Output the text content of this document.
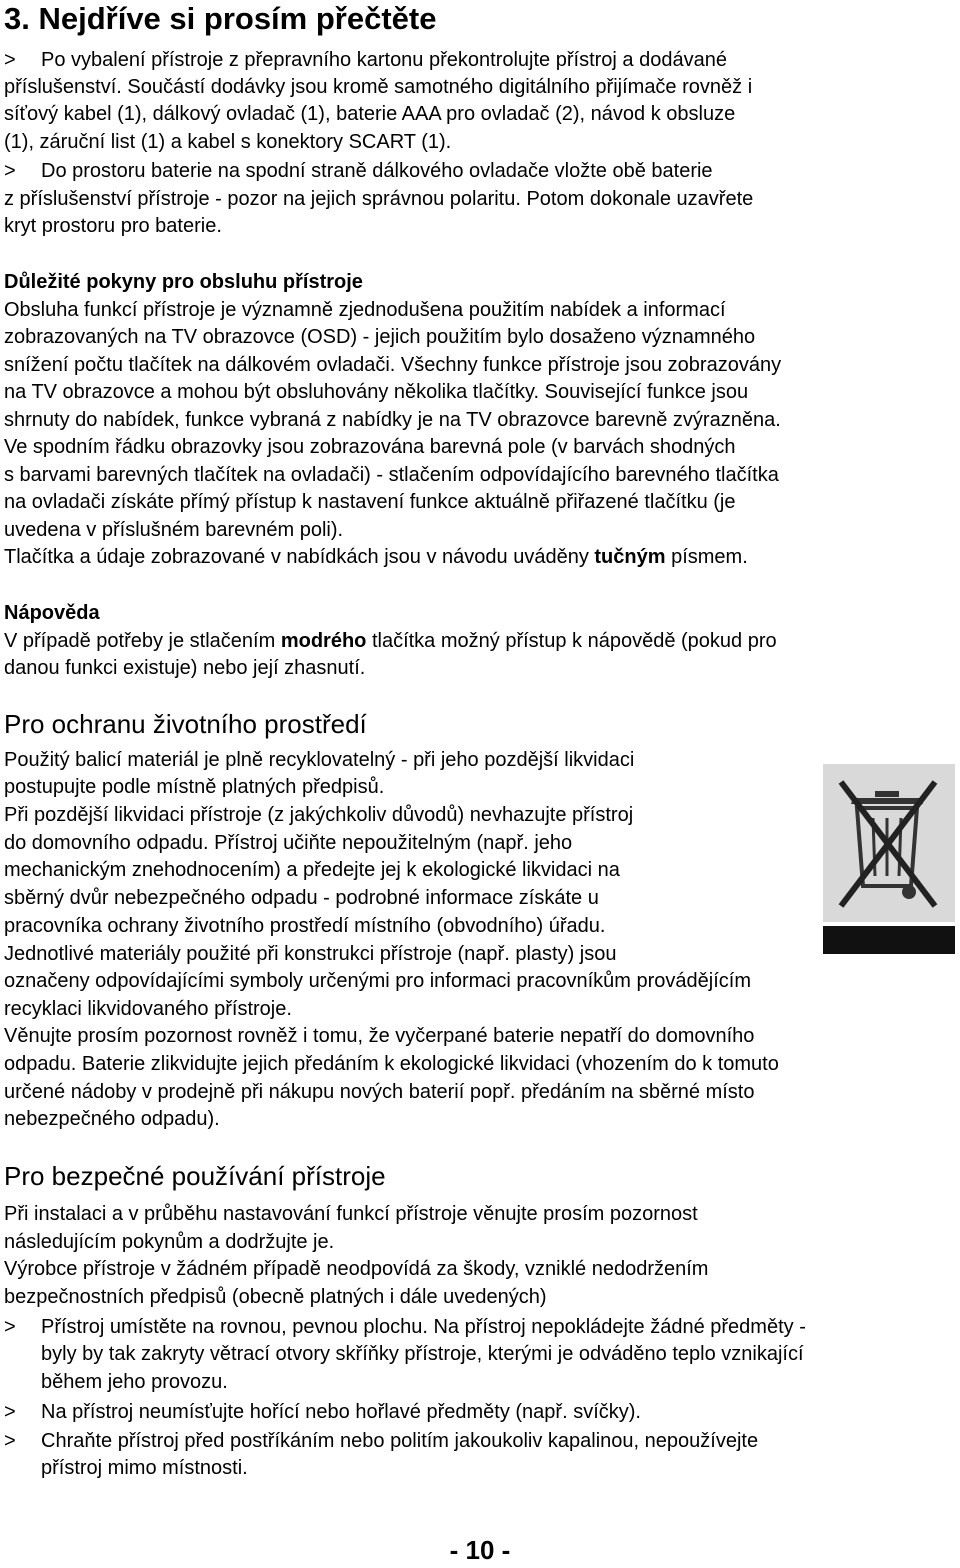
3. Nejdříve si prosím přečtěte
> Po vybalení přístroje z přepravního kartonu překontrolujte přístroj a dodávané
příslušenství. Součástí dodávky jsou kromě samotného digitálního přijímače rovněž i
síťový kabel (1), dálkový ovladač (1), baterie AAA pro ovladač (2), návod k obsluze
(1), záruční list (1) a kabel s konektory SCART (1).
> Do prostoru baterie na spodní straně dálkového ovladače vložte obě baterie
z příslušenství přístroje - pozor na jejich správnou polaritu. Potom dokonale uzavřete
kryt prostoru pro baterie.
Důležité pokyny pro obsluhu přístroje
Obsluha funkcí přístroje je významně zjednodušena použitím nabídek a informací
zobrazovaných na TV obrazovce (OSD) - jejich použitím bylo dosaženo významného
snížení počtu tlačítek na dálkovém ovladači. Všechny funkce přístroje jsou zobrazovány
na TV obrazovce a mohou být obsluhovány několika tlačítky. Související funkce jsou
shrnuty do nabídek, funkce vybraná z nabídky je na TV obrazovce barevně zvýrazněna.
Ve spodním řádku obrazovky jsou zobrazována barevná pole (v barvách shodných
s barvami barevných tlačítek na ovladači) - stlačením odpovídajícího barevného tlačítka
na ovladači získáte přímý přístup k nastavení funkce aktuálně přiřazené tlačítku (je
uvedena v příslušném barevném poli).
Tlačítka a údaje zobrazované v nabídkách jsou v návodu uváděny tučným písmem.
Nápověda
V případě potřeby je stlačením modrého tlačítka možný přístup k nápovědě (pokud pro
danou funkci existuje) nebo její zhasnutí.
Pro ochranu životního prostředí
Použitý balicí materiál je plně recyklovatelný - při jeho pozdější likvidaci
postupujte podle místně platných předpisů.
Při pozdější likvidaci přístroje (z jakýchkoliv důvodů) nevhazujte přístroj
do domovního odpadu. Přístroj učiňte nepoužitelným (např. jeho
mechanickým znehodnocením) a předejte jej k ekologické likvidaci na
sběrný dvůr nebezpečného odpadu - podrobné informace získáte u
pracovníka ochrany životního prostředí místního (obvodního) úřadu.
Jednotlivé materiály použité při konstrukci přístroje (např. plasty) jsou
označeny odpovídajícími symboly určenými pro informaci pracovníkům provádějícím
recyklaci likvidovaného přístroje.
Věnujte prosím pozornost rovněž i tomu, že vyčerpané baterie nepatří do domovního
odpadu. Baterie zlikvidujte jejich předáním k ekologické likvidaci (vhozením do k tomuto
určené nádoby v prodejně při nákupu nových baterií popř. předáním na sběrné místo
nebezpečného odpadu).
Pro bezpečné používání přístroje
Při instalaci a v průběhu nastavování funkcí přístroje věnujte prosím pozornost
následujícím pokynům a dodržujte je.
Výrobce přístroje v žádném případě neodpovídá za škody, vzniklé nedodržením
bezpečnostních předpisů (obecně platných i dále uvedených)
> Přístroj umístěte na rovnou, pevnou plochu. Na přístroj nepokládejte žádné předměty -
byly by tak zakryty větrací otvory skříňky přístroje, kterými je odváděno teplo vznikající
během jeho provozu.
> Na přístroj neumísťujte hořící nebo hořlavé předměty (např. svíčky).
> Chraňte přístroj před postříkáním nebo politím jakoukoliv kapalinou, nepoužívejte
přístroj mimo místnosti.
- 10 -
